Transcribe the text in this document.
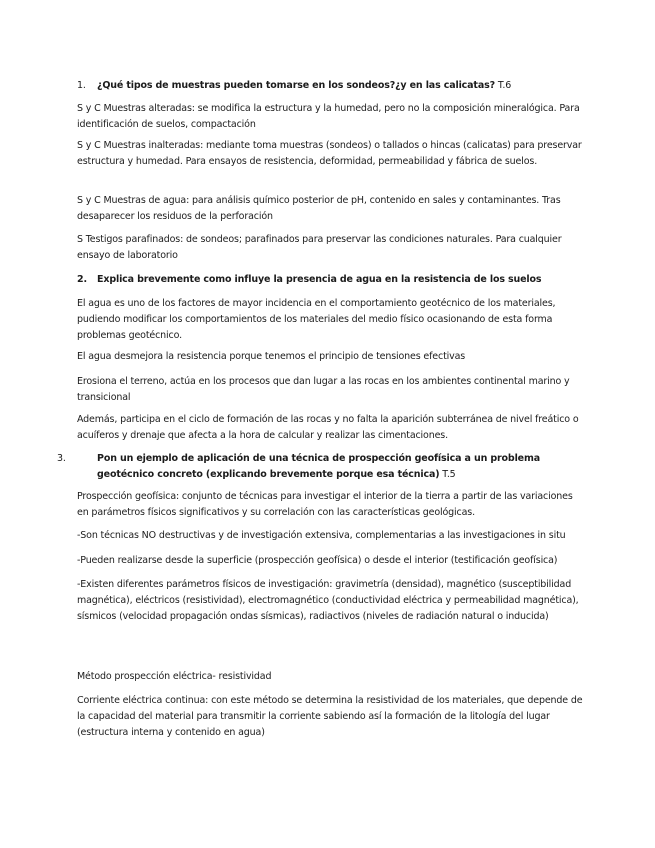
1. ¿Qué tipos de muestras pueden tomarse en los sondeos?¿y en las calicatas? T.6

S y C Muestras alteradas: se modifica la estructura y la humedad, pero no la composición mineralógica. Para identificación de suelos, compactación

S y C Muestras inalteradas: mediante toma muestras (sondeos) o tallados o hincas (calicatas) para preservar estructura y humedad. Para ensayos de resistencia, deformidad, permeabilidad y fábrica de suelos.

S y C Muestras de agua: para análisis químico posterior de pH, contenido en sales y contaminantes. Tras desaparecer los residuos de la perforación

S Testigos parafinados: de sondeos; parafinados para preservar las condiciones naturales. Para cualquier ensayo de laboratorio

2. Explica brevemente como influye la presencia de agua en la resistencia de los suelos

El agua es uno de los factores de mayor incidencia en el comportamiento geotécnico de los materiales, pudiendo modificar los comportamientos de los materiales del medio físico ocasionando de esta forma problemas geotécnico.

El agua desmejora la resistencia porque tenemos el principio de tensiones efectivas

Erosiona el terreno, actúa en los procesos que dan lugar a las rocas en los ambientes continental marino y transicional

Además, participa en el ciclo de formación de las rocas y no falta la aparición subterránea de nivel freático o acuíferos y drenaje que afecta a la hora de calcular y realizar las cimentaciones.

3.	Pon un ejemplo de aplicación de una técnica de prospección geofísica a un problema geotécnico concreto (explicando brevemente porque esa técnica) T.5

Prospección geofísica: conjunto de técnicas para investigar el interior de la tierra a partir de las variaciones en parámetros físicos significativos y su correlación con las características geológicas.

-Son técnicas NO destructivas y de investigación extensiva, complementarias a las investigaciones in situ

-Pueden realizarse desde la superficie (prospección geofísica) o desde el interior (testificación geofísica)

-Existen diferentes parámetros físicos de investigación: gravimetría (densidad), magnético (susceptibilidad magnética), eléctricos (resistividad), electromagnético (conductividad eléctrica y permeabilidad magnética), sísmicos (velocidad propagación ondas sísmicas), radiactivos (niveles de radiación natural o inducida)

Método prospección eléctrica- resistividad

Corriente eléctrica continua: con este método se determina la resistividad de los materiales, que depende de la capacidad del material para transmitir la corriente sabiendo así la formación de la litología del lugar (estructura interna y contenido en agua)
